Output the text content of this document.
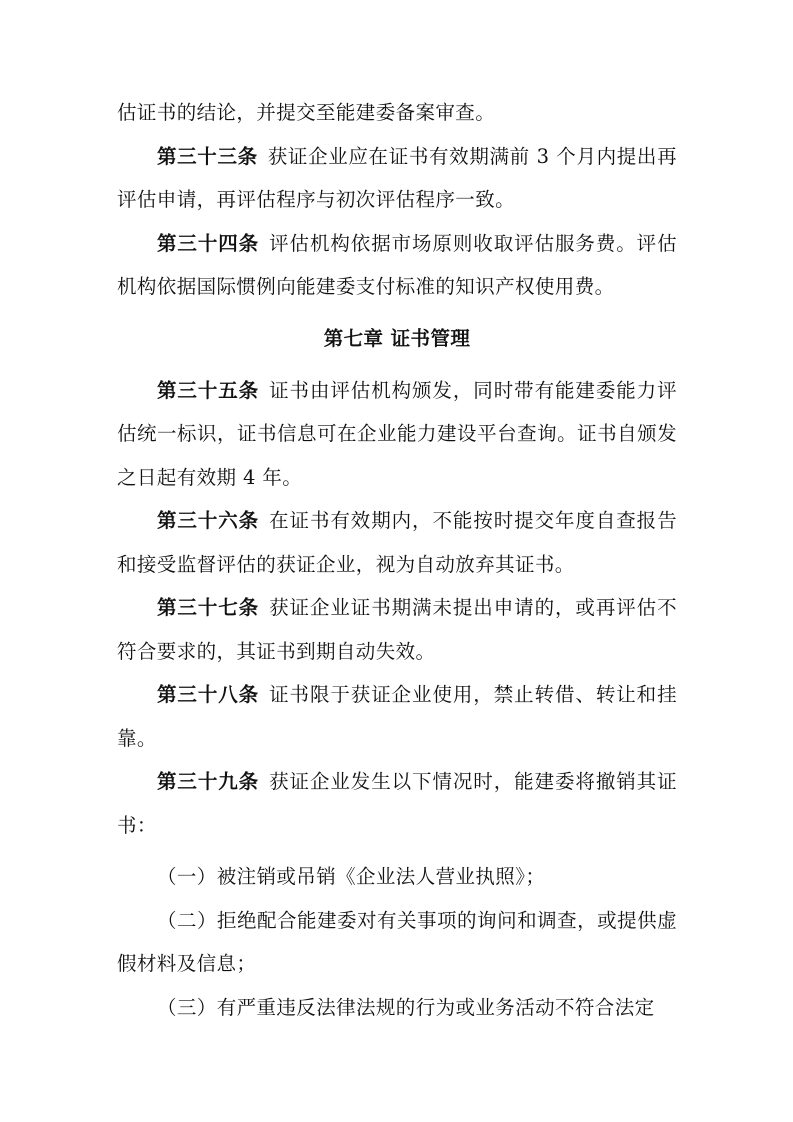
估证书的结论，并提交至能建委备案审查。

第三十三条 获证企业应在证书有效期满前 3 个月内提出再评估申请，再评估程序与初次评估程序一致。

第三十四条 评估机构依据市场原则收取评估服务费。评估机构依据国际惯例向能建委支付标准的知识产权使用费。

第七章 证书管理

第三十五条 证书由评估机构颁发，同时带有能建委能力评估统一标识，证书信息可在企业能力建设平台查询。证书自颁发之日起有效期 4 年。

第三十六条 在证书有效期内，不能按时提交年度自查报告和接受监督评估的获证企业，视为自动放弃其证书。

第三十七条 获证企业证书期满未提出申请的，或再评估不符合要求的，其证书到期自动失效。

第三十八条 证书限于获证企业使用，禁止转借、转让和挂靠。

第三十九条 获证企业发生以下情况时，能建委将撤销其证书：

（一）被注销或吊销《企业法人营业执照》；

（二）拒绝配合能建委对有关事项的询问和调查，或提供虚假材料及信息；

（三）有严重违反法律法规的行为或业务活动不符合法定
